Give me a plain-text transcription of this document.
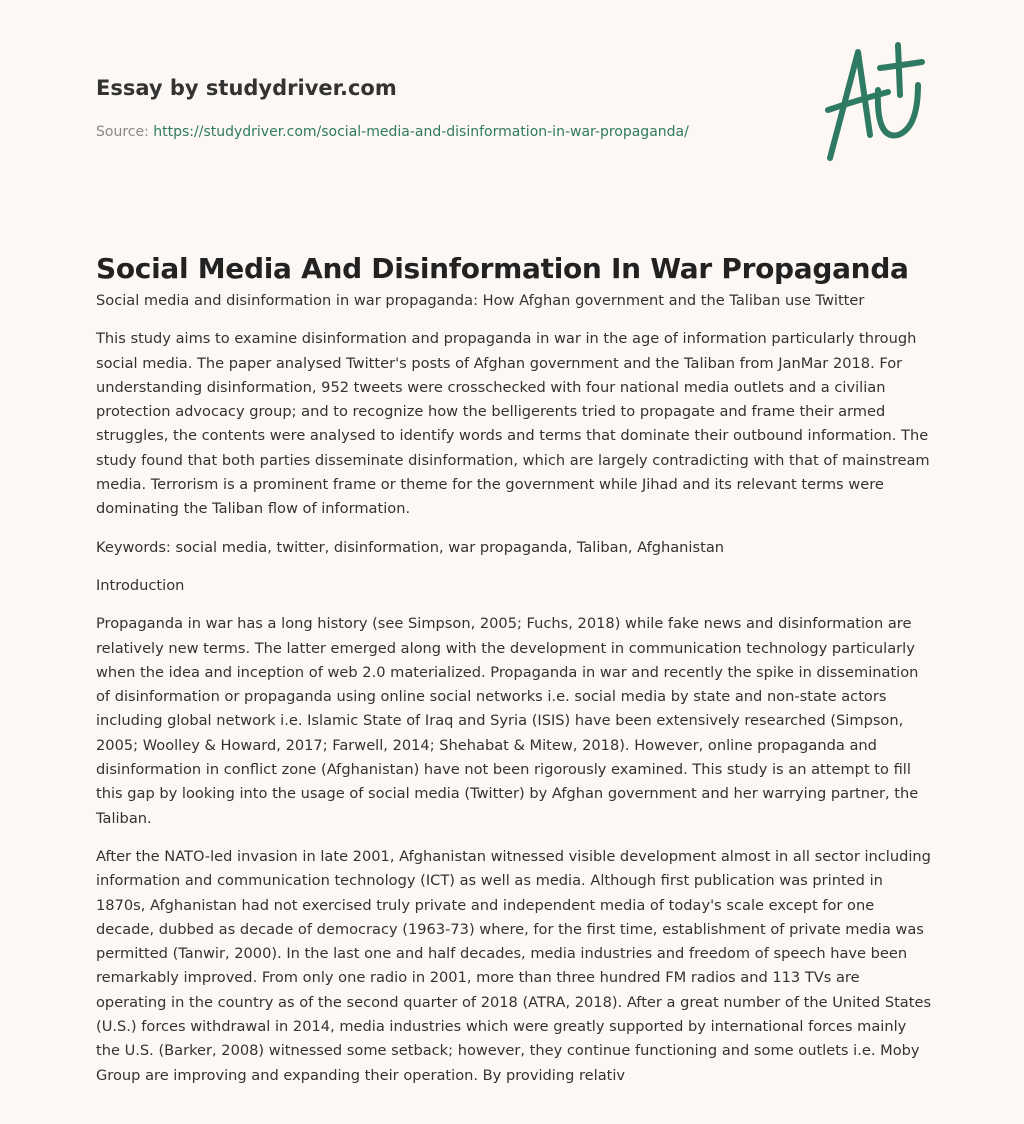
Essay by studydriver.com
Source: https://studydriver.com/social-media-and-disinformation-in-war-propaganda/
Social Media And Disinformation In War Propaganda

Social media and disinformation in war propaganda: How Afghan government and the Taliban use Twitter

This study aims to examine disinformation and propaganda in war in the age of information particularly through social media. The paper analysed Twitter's posts of Afghan government and the Taliban from JanMar 2018. For understanding disinformation, 952 tweets were crosschecked with four national media outlets and a civilian protection advocacy group; and to recognize how the belligerents tried to propagate and frame their armed struggles, the contents were analysed to identify words and terms that dominate their outbound information. The study found that both parties disseminate disinformation, which are largely contradicting with that of mainstream media. Terrorism is a prominent frame or theme for the government while Jihad and its relevant terms were dominating the Taliban flow of information.

Keywords: social media, twitter, disinformation, war propaganda, Taliban, Afghanistan

Introduction

Propaganda in war has a long history (see Simpson, 2005; Fuchs, 2018) while fake news and disinformation are relatively new terms. The latter emerged along with the development in communication technology particularly when the idea and inception of web 2.0 materialized. Propaganda in war and recently the spike in dissemination of disinformation or propaganda using online social networks i.e. social media by state and non-state actors including global network i.e. Islamic State of Iraq and Syria (ISIS) have been extensively researched (Simpson, 2005; Woolley & Howard, 2017; Farwell, 2014; Shehabat & Mitew, 2018). However, online propaganda and disinformation in conflict zone (Afghanistan) have not been rigorously examined. This study is an attempt to fill this gap by looking into the usage of social media (Twitter) by Afghan government and her warrying partner, the Taliban.

After the NATO-led invasion in late 2001, Afghanistan witnessed visible development almost in all sector including information and communication technology (ICT) as well as media. Although first publication was printed in 1870s, Afghanistan had not exercised truly private and independent media of today's scale except for one decade, dubbed as decade of democracy (1963-73) where, for the first time, establishment of private media was permitted (Tanwir, 2000). In the last one and half decades, media industries and freedom of speech have been remarkably improved. From only one radio in 2001, more than three hundred FM radios and 113 TVs are operating in the country as of the second quarter of 2018 (ATRA, 2018). After a great number of the United States (U.S.) forces withdrawal in 2014, media industries which were greatly supported by international forces mainly the U.S. (Barker, 2008) witnessed some setback; however, they continue functioning and some outlets i.e. Moby Group are improving and expanding their operation. By providing relativ
